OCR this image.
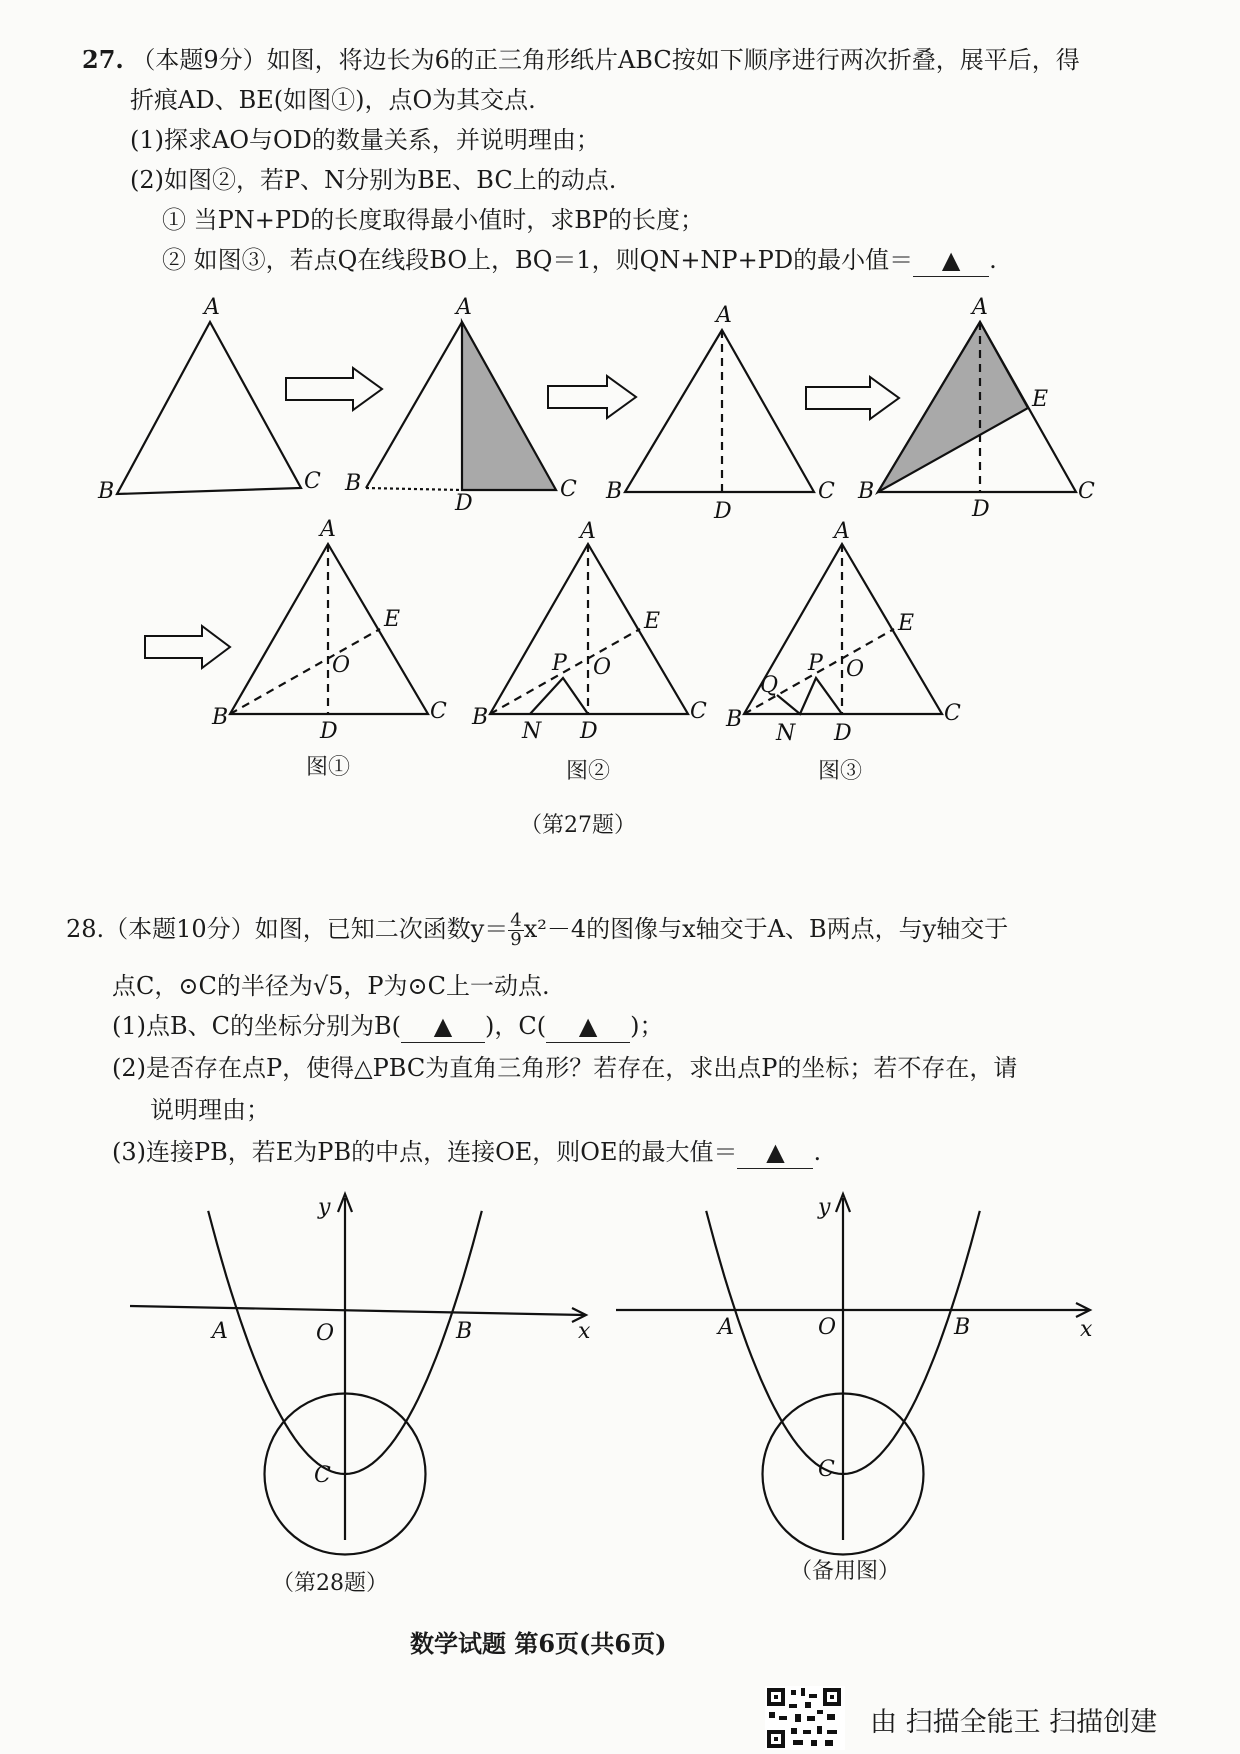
27. （本题9分）如图，将边长为6的正三角形纸片ABC按如下顺序进行两次折叠，展平后，得
折痕AD、BE(如图①)，点O为其交点.
(1)探求AO与OD的数量关系，并说明理由；
(2)如图②，若P、N分别为BE、BC上的动点.
① 当PN+PD的长度取得最小值时，求BP的长度；
② 如图③，若点Q在线段BO上，BQ＝1，则QN+NP+PD的最小值＝ ▲ .
A
B	C
A
B	C
D
A
B	C
D
A
B	C
D
E
A
B	C
D
E
O
A
B	C
D
E
O
P
N
A
B	C
D
E
O
P
N
Q
图①	图②	图③
（第27题）
28.（本题10分）如图，已知二次函数$y= \frac{4}{9} x^2-4$的图像与x轴交于A、B两点，与y轴交于
点C，⊙C的半径为√5，P为⊙C上一动点.
(1)点B、C的坐标分别为B( ▲ )，C( ▲ )；
(2)是否存在点P，使得△PBC为直角三角形？若存在，求出点P的坐标；若不存在，请
说明理由；
(3)连接PB，若E为PB的中点，连接OE，则OE的最大值＝ ▲ .
y
x
A	O	B
C
y
x
A	O	B
C
（第28题）	（备用图）
数学试题 第6页(共6页)
由 扫描全能王 扫描创建
